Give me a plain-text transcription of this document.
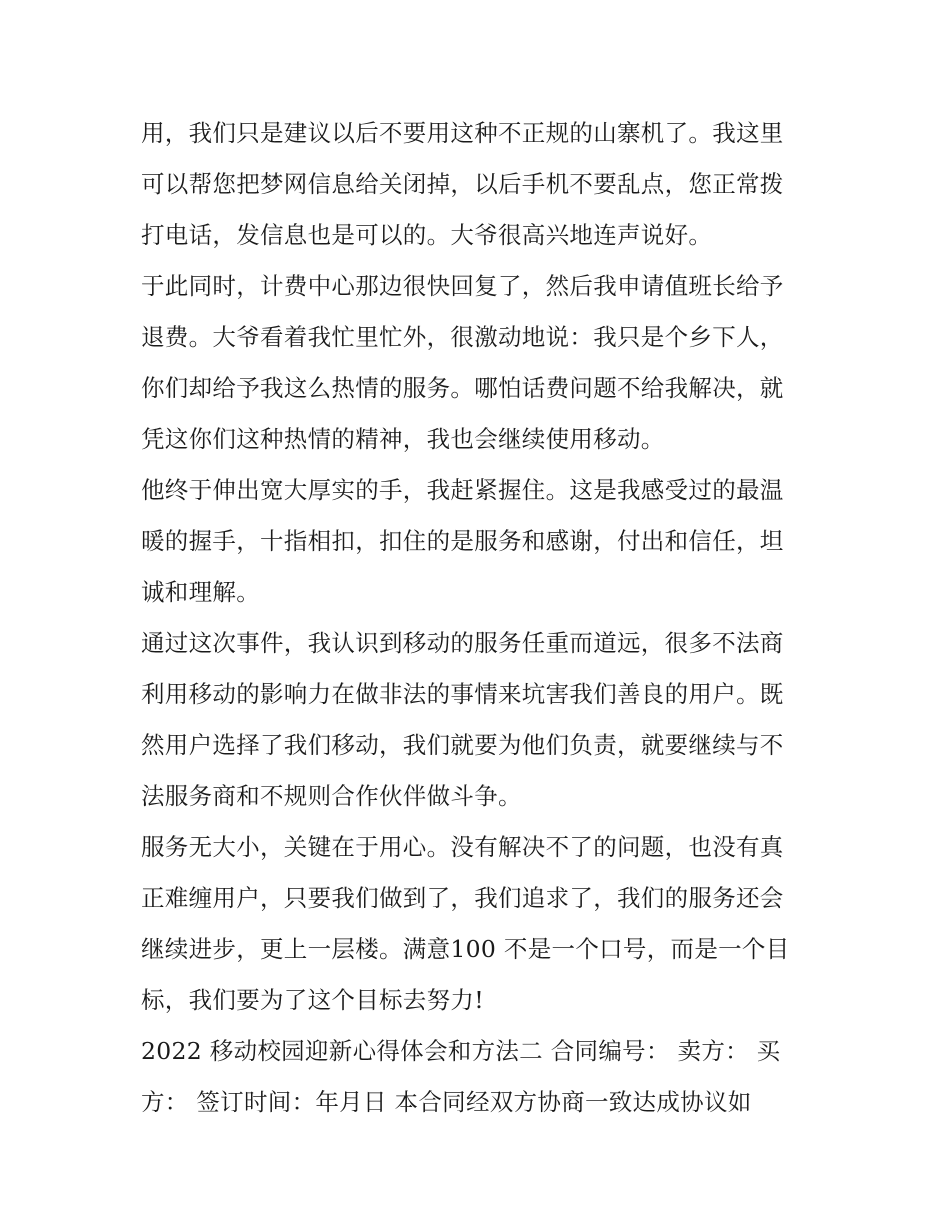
用，我们只是建议以后不要用这种不正规的山寨机了。我这里
可以帮您把梦网信息给关闭掉，以后手机不要乱点，您正常拨
打电话，发信息也是可以的。大爷很高兴地连声说好。
于此同时，计费中心那边很快回复了，然后我申请值班长给予
退费。大爷看着我忙里忙外，很激动地说：我只是个乡下人，
你们却给予我这么热情的服务。哪怕话费问题不给我解决，就
凭这你们这种热情的精神，我也会继续使用移动。
他终于伸出宽大厚实的手，我赶紧握住。这是我感受过的最温
暖的握手，十指相扣，扣住的是服务和感谢，付出和信任，坦
诚和理解。
通过这次事件，我认识到移动的服务任重而道远，很多不法商
利用移动的影响力在做非法的事情来坑害我们善良的用户。既
然用户选择了我们移动，我们就要为他们负责，就要继续与不
法服务商和不规则合作伙伴做斗争。
服务无大小，关键在于用心。没有解决不了的问题，也没有真
正难缠用户，只要我们做到了，我们追求了，我们的服务还会
继续进步，更上一层楼。满意100 不是一个口号，而是一个目
标，我们要为了这个目标去努力!
2022 移动校园迎新心得体会和方法二 合同编号： 卖方： 买
方： 签订时间：年月日 本合同经双方协商一致达成协议如
